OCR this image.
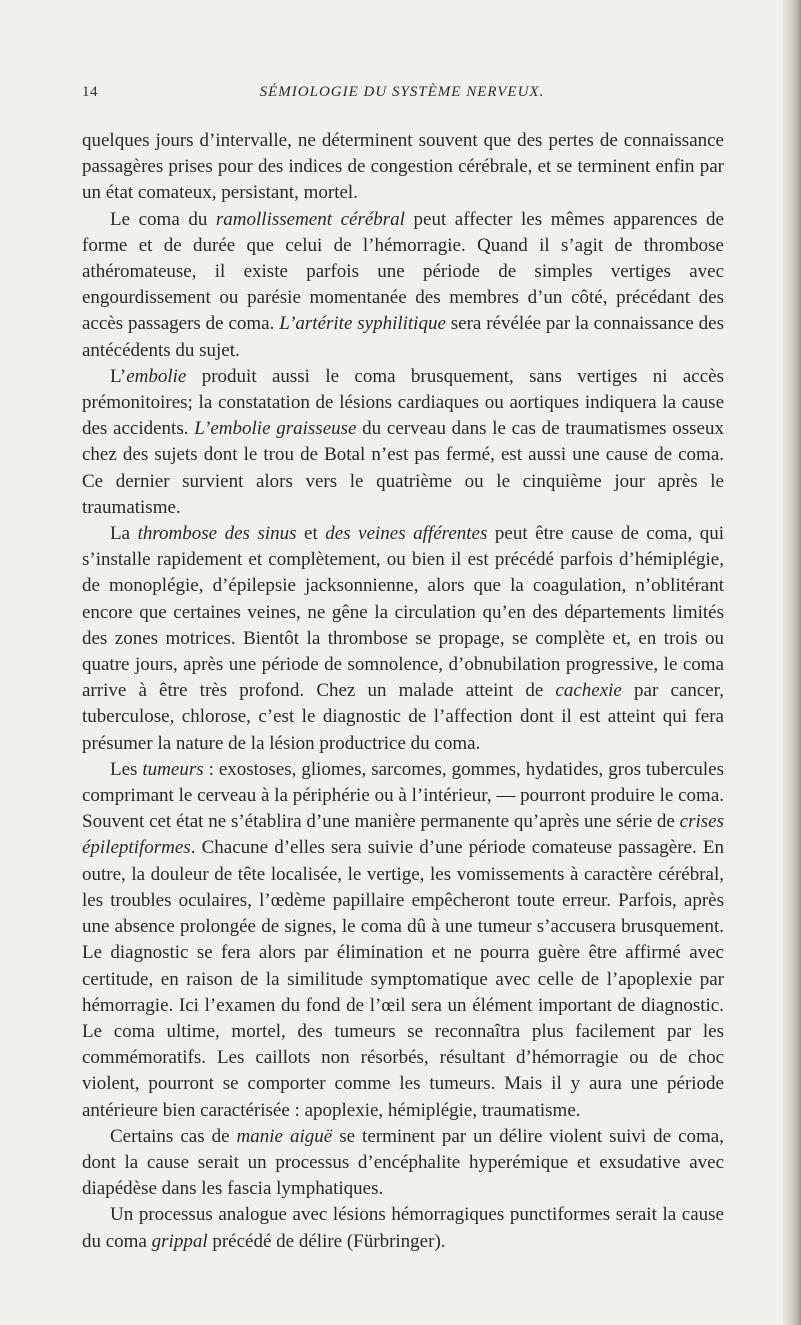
14	SÉMIOLOGIE DU SYSTÈME NERVEUX.

quelques jours d’intervalle, ne déterminent souvent que des pertes de connaissance passagères prises pour des indices de congestion cérébrale, et se terminent enfin par un état comateux, persistant, mortel.

Le coma du ramollissement cérébral peut affecter les mêmes apparences de forme et de durée que celui de l’hémorragie. Quand il s’agit de thrombose athéromateuse, il existe parfois une période de simples vertiges avec engourdissement ou parésie momentanée des membres d’un côté, précédant des accès passagers de coma. L’artérite syphilitique sera révélée par la connaissance des antécédents du sujet.

L’embolie produit aussi le coma brusquement, sans vertiges ni accès prémonitoires; la constatation de lésions cardiaques ou aortiques indiquera la cause des accidents. L’embolie graisseuse du cerveau dans le cas de traumatismes osseux chez des sujets dont le trou de Botal n’est pas fermé, est aussi une cause de coma. Ce dernier survient alors vers le quatrième ou le cinquième jour après le traumatisme.

La thrombose des sinus et des veines afférentes peut être cause de coma, qui s’installe rapidement et complètement, ou bien il est précédé parfois d’hémiplégie, de monoplégie, d’épilepsie jacksonnienne, alors que la coagulation, n’oblitérant encore que certaines veines, ne gêne la circulation qu’en des départements limités des zones motrices. Bientôt la thrombose se propage, se complète et, en trois ou quatre jours, après une période de somnolence, d’obnubilation progressive, le coma arrive à être très profond. Chez un malade atteint de cachexie par cancer, tuberculose, chlorose, c’est le diagnostic de l’affection dont il est atteint qui fera présumer la nature de la lésion productrice du coma.

Les tumeurs : exostoses, gliomes, sarcomes, gommes, hydatides, gros tubercules comprimant le cerveau à la périphérie ou à l’intérieur, — pourront produire le coma. Souvent cet état ne s’établira d’une manière permanente qu’après une série de crises épileptiformes. Chacune d’elles sera suivie d’une période comateuse passagère. En outre, la douleur de tête localisée, le vertige, les vomissements à caractère cérébral, les troubles oculaires, l’œdème papillaire empêcheront toute erreur. Parfois, après une absence prolongée de signes, le coma dû à une tumeur s’accusera brusquement. Le diagnostic se fera alors par élimination et ne pourra guère être affirmé avec certitude, en raison de la similitude symptomatique avec celle de l’apoplexie par hémorragie. Ici l’examen du fond de l’œil sera un élément important de diagnostic. Le coma ultime, mortel, des tumeurs se reconnaîtra plus facilement par les commémoratifs. Les caillots non résorbés, résultant d’hémorragie ou de choc violent, pourront se comporter comme les tumeurs. Mais il y aura une période antérieure bien caractérisée : apoplexie, hémiplégie, traumatisme.

Certains cas de manie aiguë se terminent par un délire violent suivi de coma, dont la cause serait un processus d’encéphalite hyperémique et exsudative avec diapédèse dans les fascia lymphatiques.

Un processus analogue avec lésions hémorragiques punctiformes serait la cause du coma grippal précédé de délire (Fürbringer).
